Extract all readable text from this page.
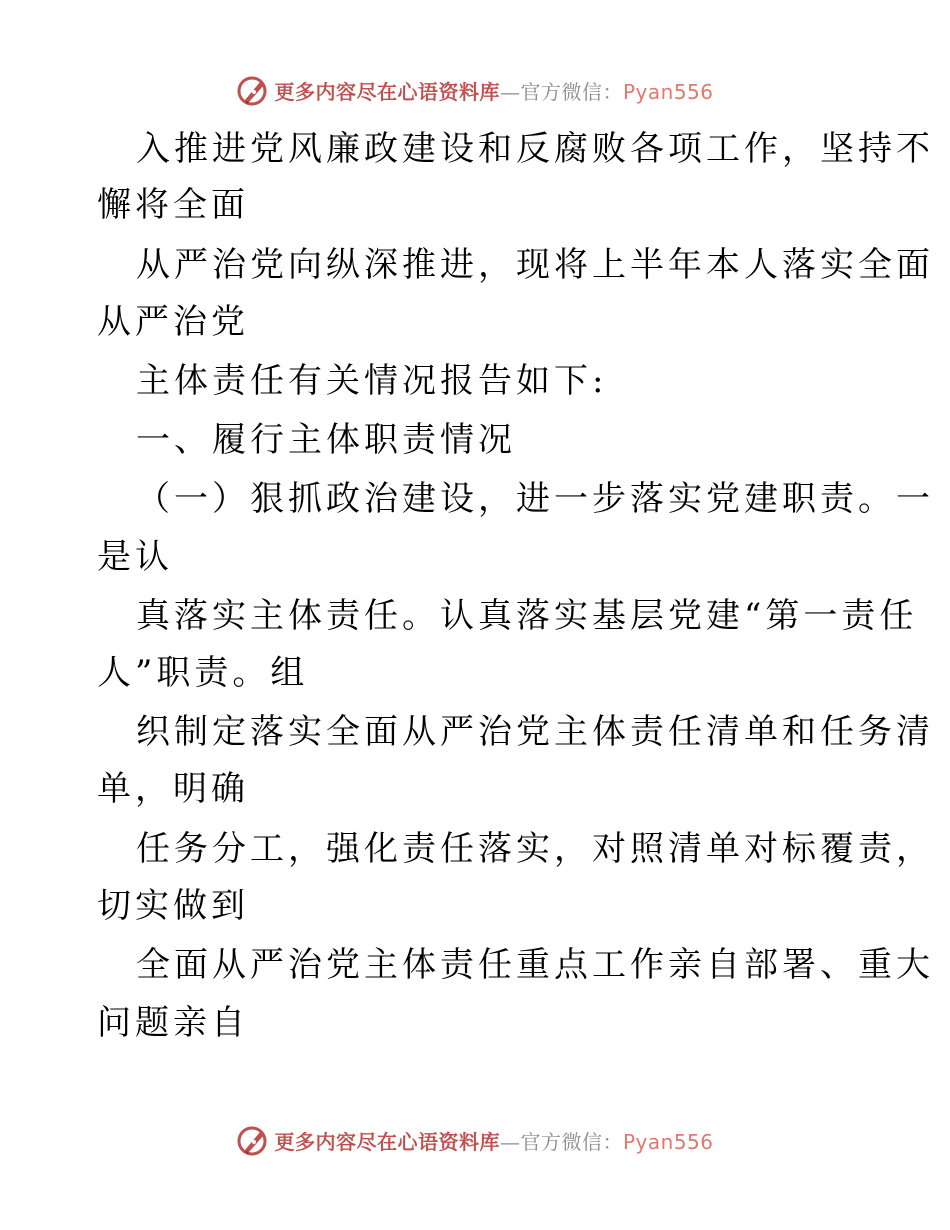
更多内容尽在心语资料库—官方微信：Pyan556
入推进党风廉政建设和反腐败各项工作，坚持不
懈将全面
从严治党向纵深推进，现将上半年本人落实全面
从严治党
主体责任有关情况报告如下:
一、履行主体职责情况
（一）狠抓政治建设，进一步落实党建职责。一
是认
真落实主体责任。认真落实基层党建“第一责任
人”职责。组
织制定落实全面从严治党主体责任清单和任务清
单，明确
任务分工，强化责任落实，对照清单对标覆责，
切实做到
全面从严治党主体责任重点工作亲自部署、重大
问题亲自
更多内容尽在心语资料库—官方微信：Pyan556
